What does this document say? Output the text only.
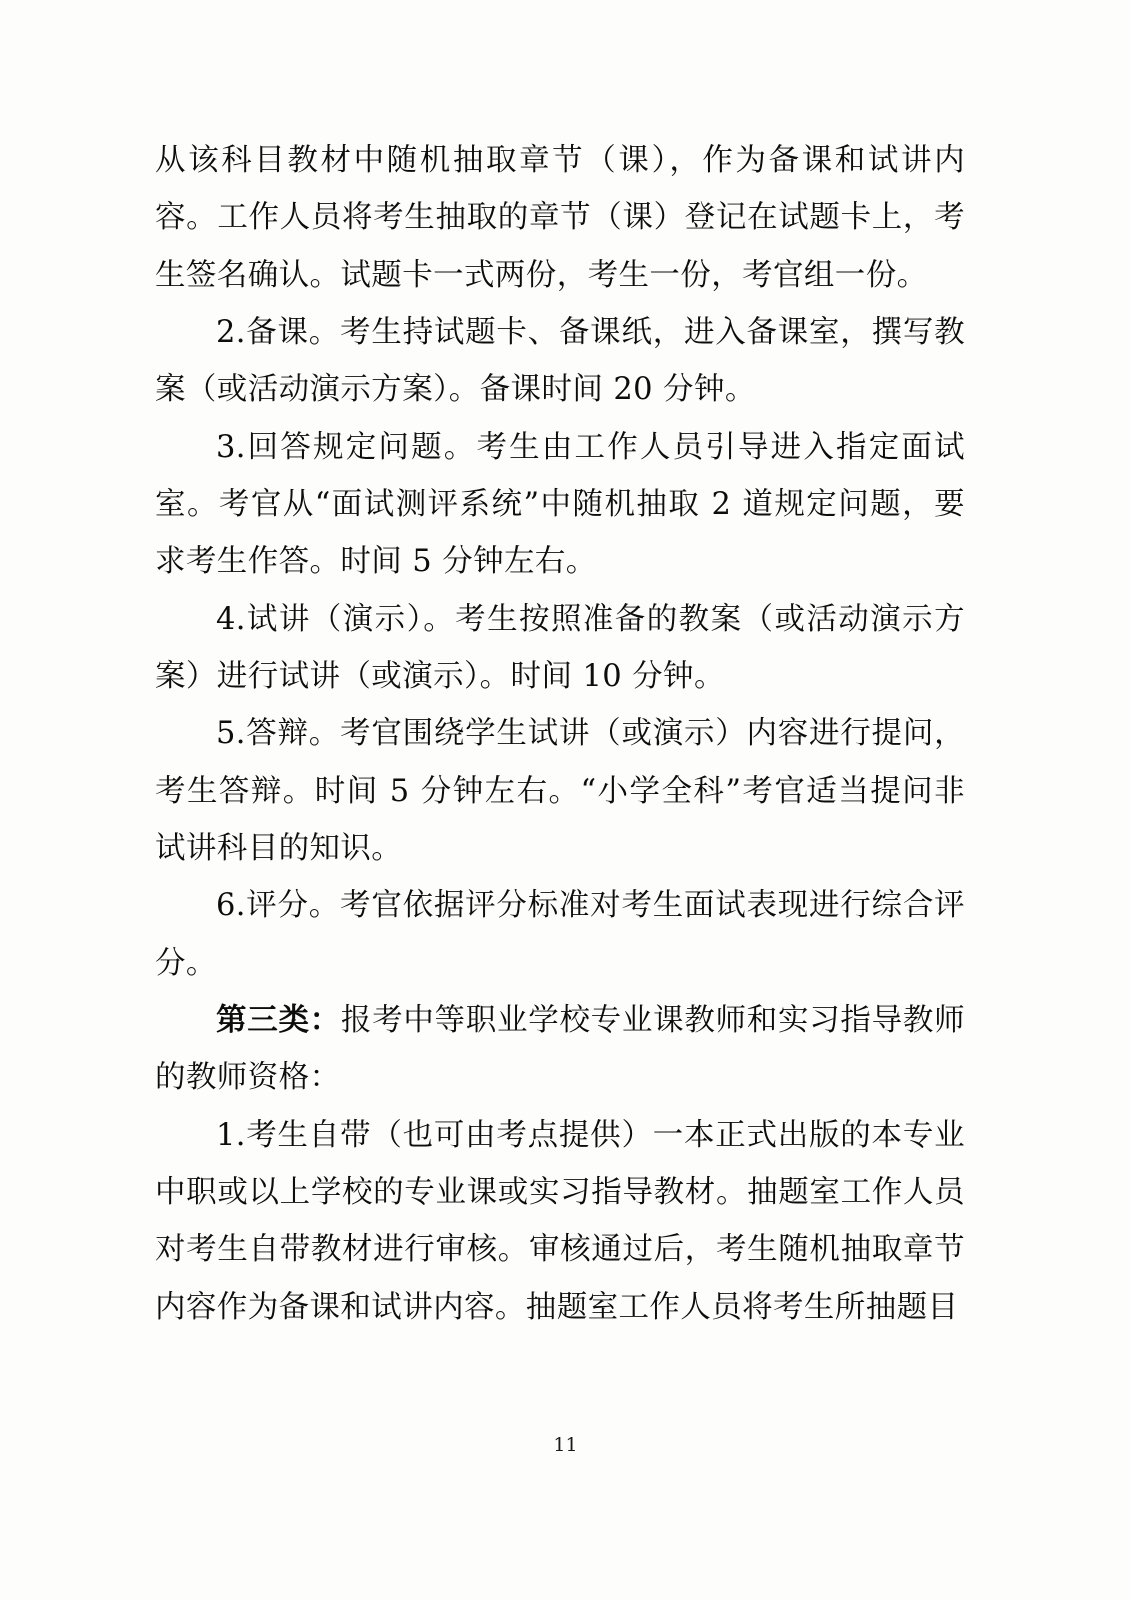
从该科目教材中随机抽取章节（课），作为备课和试讲内容。工作人员将考生抽取的章节（课）登记在试题卡上，考生签名确认。试题卡一式两份，考生一份，考官组一份。

2.备课。考生持试题卡、备课纸，进入备课室，撰写教案（或活动演示方案）。备课时间 20 分钟。

3.回答规定问题。考生由工作人员引导进入指定面试室。考官从“面试测评系统”中随机抽取 2 道规定问题，要求考生作答。时间 5 分钟左右。

4.试讲（演示）。考生按照准备的教案（或活动演示方案）进行试讲（或演示）。时间 10 分钟。

5.答辩。考官围绕学生试讲（或演示）内容进行提问，考生答辩。时间 5 分钟左右。“小学全科”考官适当提问非试讲科目的知识。

6.评分。考官依据评分标准对考生面试表现进行综合评分。

第三类：报考中等职业学校专业课教师和实习指导教师的教师资格：

1.考生自带（也可由考点提供）一本正式出版的本专业中职或以上学校的专业课或实习指导教材。抽题室工作人员对考生自带教材进行审核。审核通过后，考生随机抽取章节内容作为备课和试讲内容。抽题室工作人员将考生所抽题目

11
